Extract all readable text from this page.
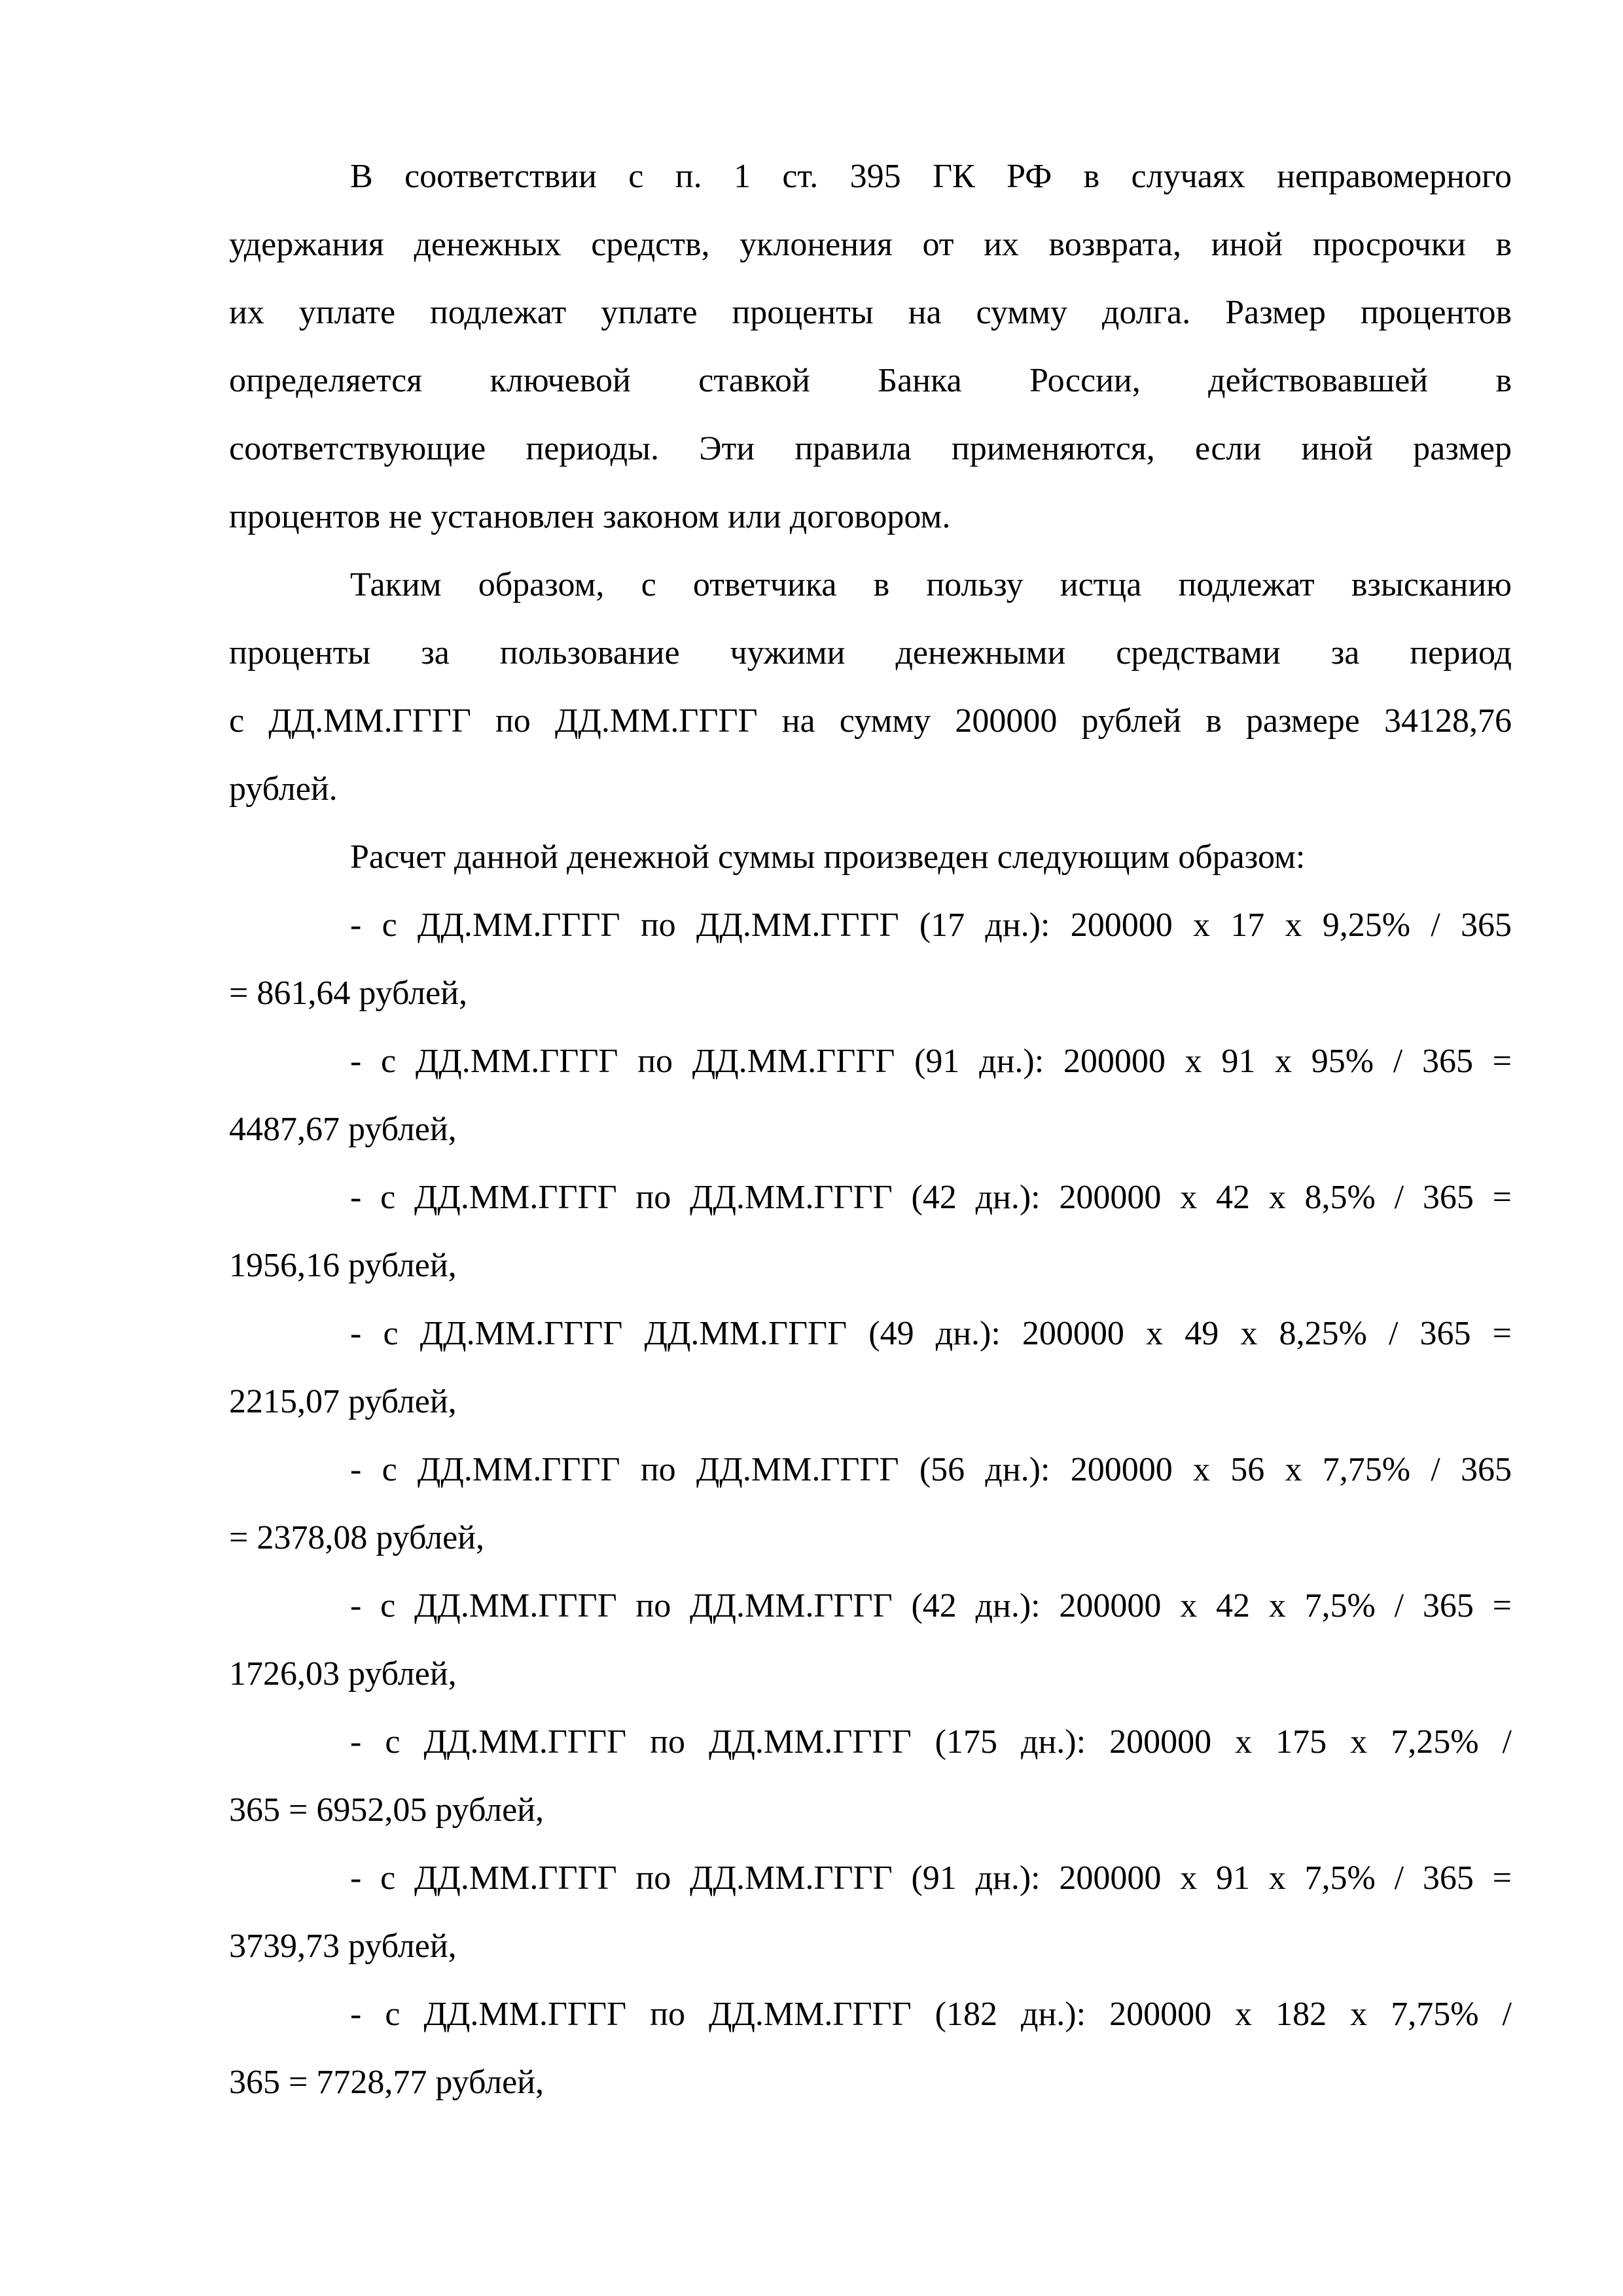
В соответствии с п. 1 ст. 395 ГК РФ в случаях неправомерного
удержания денежных средств, уклонения от их возврата, иной просрочки в
их уплате подлежат уплате проценты на сумму долга. Размер процентов
определяется ключевой ставкой Банка России, действовавшей в
соответствующие периоды. Эти правила применяются, если иной размер
процентов не установлен законом или договором.
Таким образом, с ответчика в пользу истца подлежат взысканию
проценты за пользование чужими денежными средствами за период
с ДД.ММ.ГГГГ по ДД.ММ.ГГГГ на сумму 200000 рублей в размере 34128,76
рублей.
Расчет данной денежной суммы произведен следующим образом:
- с ДД.ММ.ГГГГ по ДД.ММ.ГГГГ (17 дн.): 200000 х 17 х 9,25% / 365
= 861,64 рублей,
- с ДД.ММ.ГГГГ по ДД.ММ.ГГГГ (91 дн.): 200000 х 91 х 95% / 365 =
4487,67 рублей,
- с ДД.ММ.ГГГГ по ДД.ММ.ГГГГ (42 дн.): 200000 х 42 х 8,5% / 365 =
1956,16 рублей,
- с ДД.ММ.ГГГГ ДД.ММ.ГГГГ (49 дн.): 200000 х 49 х 8,25% / 365 =
2215,07 рублей,
- с ДД.ММ.ГГГГ по ДД.ММ.ГГГГ (56 дн.): 200000 х 56 х 7,75% / 365
= 2378,08 рублей,
- с ДД.ММ.ГГГГ по ДД.ММ.ГГГГ (42 дн.): 200000 х 42 х 7,5% / 365 =
1726,03 рублей,
- с ДД.ММ.ГГГГ по ДД.ММ.ГГГГ (175 дн.): 200000 х 175 х 7,25% /
365 = 6952,05 рублей,
- с ДД.ММ.ГГГГ по ДД.ММ.ГГГГ (91 дн.): 200000 х 91 х 7,5% / 365 =
3739,73 рублей,
- с ДД.ММ.ГГГГ по ДД.ММ.ГГГГ (182 дн.): 200000 х 182 х 7,75% /
365 = 7728,77 рублей,
